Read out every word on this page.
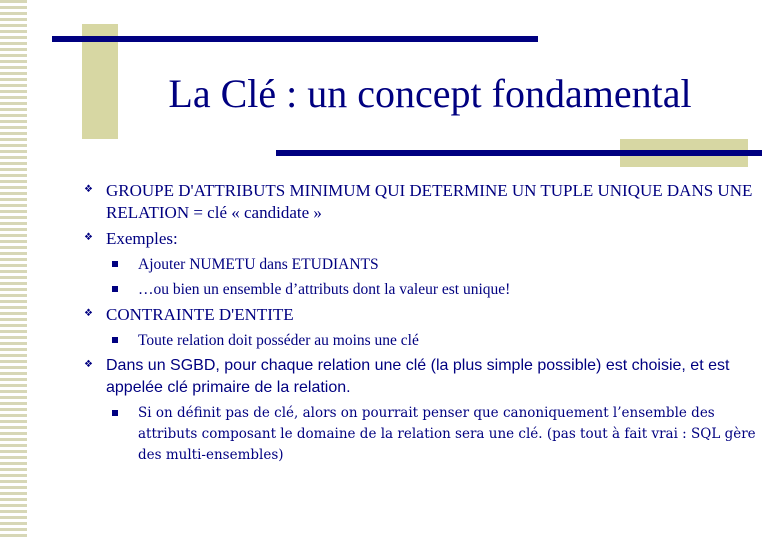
La Clé : un concept fondamental
❖ GROUPE D'ATTRIBUTS MINIMUM QUI DETERMINE UN TUPLE UNIQUE DANS UNE RELATION = clé « candidate »
❖ Exemples:
Ajouter NUMETU dans ETUDIANTS
…ou bien un ensemble d’attributs dont la valeur est unique!
❖ CONTRAINTE D'ENTITE
Toute relation doit posséder au moins une clé
❖ Dans un SGBD, pour chaque relation une clé (la plus simple possible) est choisie, et est appelée clé primaire de la relation.
Si on définit pas de clé, alors on pourrait penser que canoniquement l’ensemble des attributs composant le domaine de la relation sera une clé. (pas tout à fait vrai : SQL gère des multi-ensembles)
